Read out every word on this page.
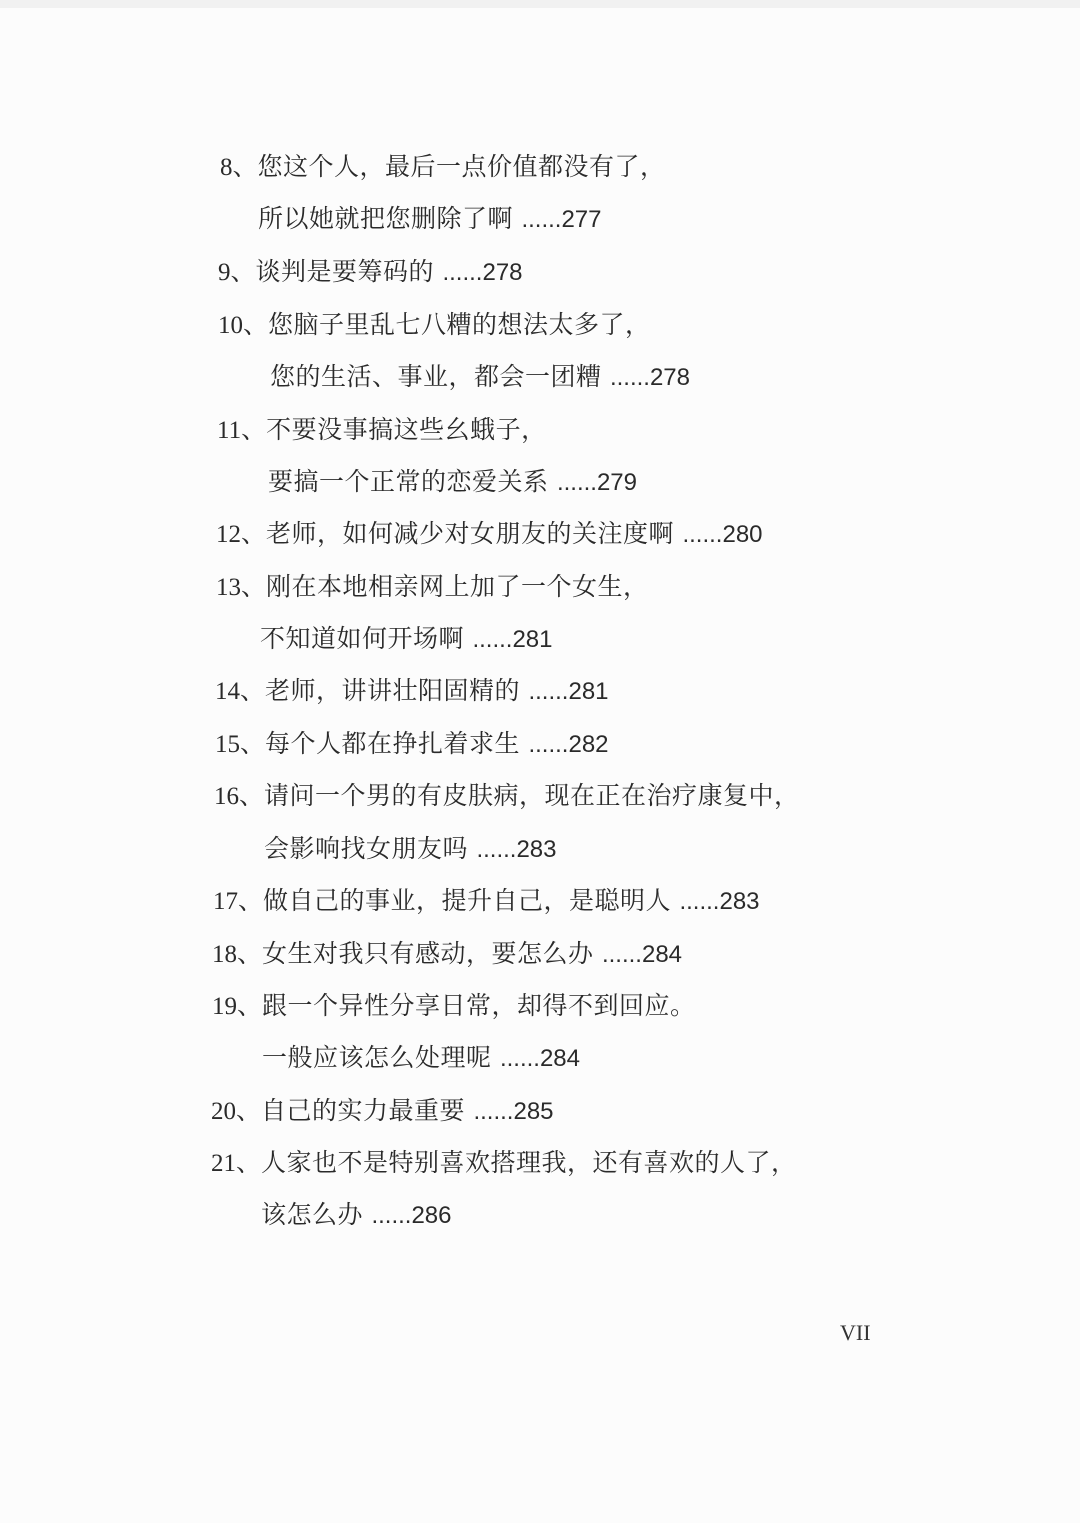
8、您这个人，最后一点价值都没有了，
所以她就把您删除了啊 ......277
9、谈判是要筹码的 ......278
10、您脑子里乱七八糟的想法太多了，
您的生活、事业，都会一团糟 ......278
11、不要没事搞这些幺蛾子，
要搞一个正常的恋爱关系 ......279
12、老师，如何减少对女朋友的关注度啊 ......280
13、刚在本地相亲网上加了一个女生，
不知道如何开场啊 ......281
14、老师，讲讲壮阳固精的 ......281
15、每个人都在挣扎着求生 ......282
16、请问一个男的有皮肤病，现在正在治疗康复中，
会影响找女朋友吗 ......283
17、做自己的事业，提升自己，是聪明人 ......283
18、女生对我只有感动，要怎么办 ......284
19、跟一个异性分享日常，却得不到回应。
一般应该怎么处理呢 ......284
20、自己的实力最重要 ......285
21、人家也不是特别喜欢搭理我，还有喜欢的人了，
该怎么办 ......286
VII
